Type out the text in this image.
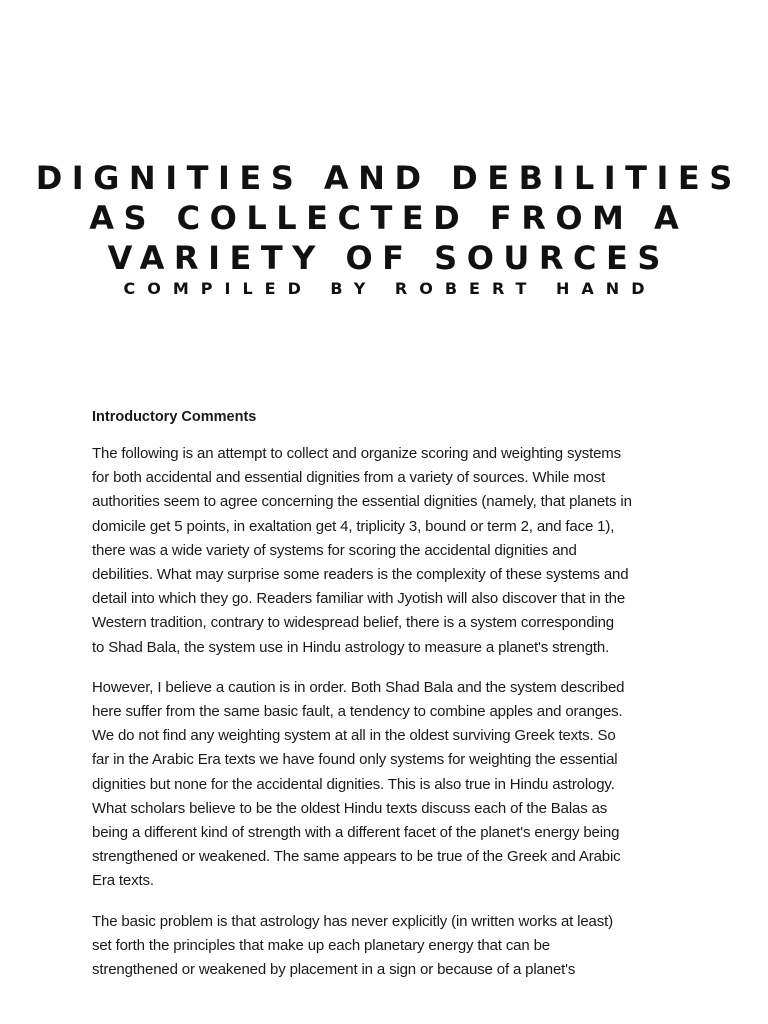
DIGNITIES AND DEBILITIES
AS COLLECTED FROM A
VARIETY OF SOURCES
COMPILED BY ROBERT HAND
Introductory Comments
The following is an attempt to collect and organize scoring and weighting systems
for both accidental and essential dignities from a variety of sources. While most
authorities seem to agree concerning the essential dignities (namely, that planets in
domicile get 5 points, in exaltation get 4, triplicity 3, bound or term 2, and face 1),
there was a wide variety of systems for scoring the accidental dignities and
debilities. What may surprise some readers is the complexity of these systems and
detail into which they go. Readers familiar with Jyotish will also discover that in the
Western tradition, contrary to widespread belief, there is a system corresponding
to Shad Bala, the system use in Hindu astrology to measure a planet's strength.
However, I believe a caution is in order. Both Shad Bala and the system described
here suffer from the same basic fault, a tendency to combine apples and oranges.
We do not find any weighting system at all in the oldest surviving Greek texts. So
far in the Arabic Era texts we have found only systems for weighting the essential
dignities but none for the accidental dignities. This is also true in Hindu astrology.
What scholars believe to be the oldest Hindu texts discuss each of the Balas as
being a different kind of strength with a different facet of the planet's energy being
strengthened or weakened. The same appears to be true of the Greek and Arabic
Era texts.
The basic problem is that astrology has never explicitly (in written works at least)
set forth the principles that make up each planetary energy that can be
strengthened or weakened by placement in a sign or because of a planet's
